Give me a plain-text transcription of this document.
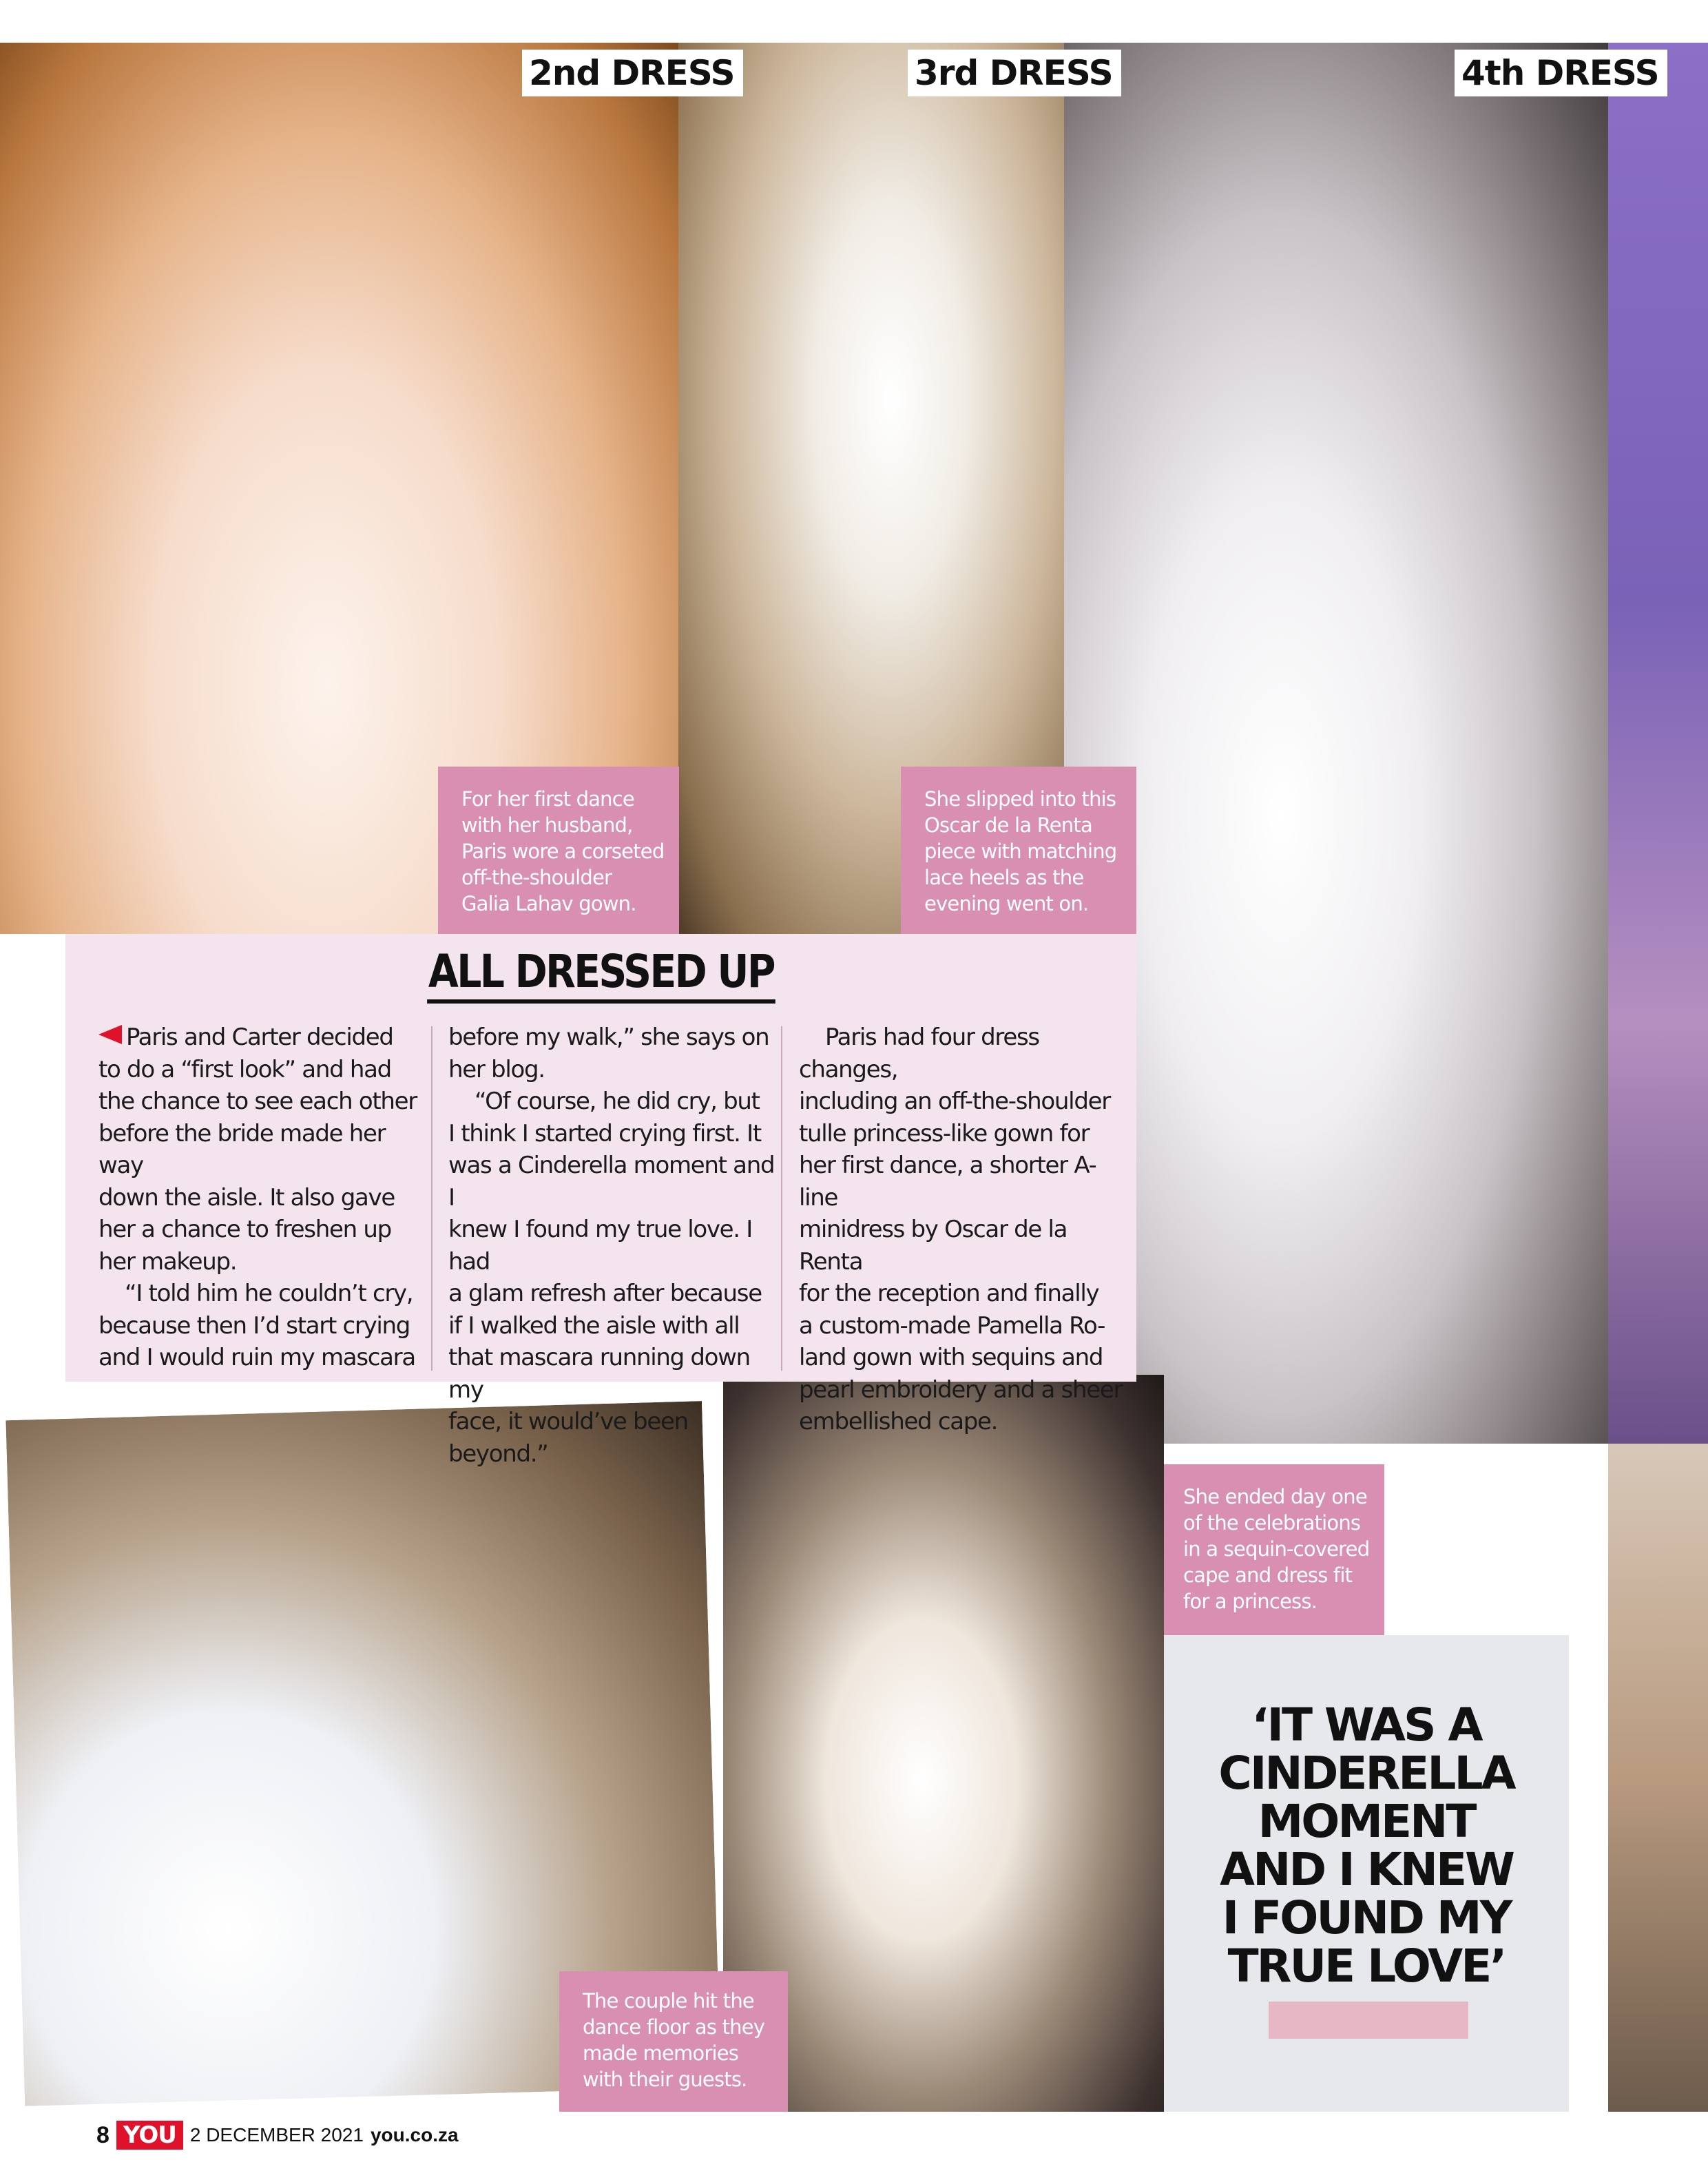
2nd DRESS	3rd DRESS	4th DRESS
For her first dance
with her husband,
Paris wore a corseted
off-the-shoulder
Galia Lahav gown.
She slipped into this
Oscar de la Renta
piece with matching
lace heels as the
evening went on.
She ended day one
of the celebrations
in a sequin-covered
cape and dress fit
for a princess.
The couple hit the
dance floor as they
made memories
with their guests.
ALL DRESSED UP

Paris and Carter decided

to do a “first look” and had

the chance to see each other

before the bride made her way

down the aisle. It also gave

her a chance to freshen up

her makeup.

“I told him he couldn’t cry,

because then I’d start crying

and I would ruin my mascara

before my walk,” she says on

her blog.

“Of course, he did cry, but

I think I started crying first. It

was a Cinderella moment and I

knew I found my true love. I had

a glam refresh after because

if I walked the aisle with all

that mascara running down my

face, it would’ve been beyond.”

Paris had four dress changes,

including an off-the-shoulder

tulle princess-like gown for

her first dance, a shorter A-line

minidress by Oscar de la Renta

for the reception and finally

a custom-made Pamella Ro-

land gown with sequins and

pearl embroidery and a sheer

embellished cape.

‘IT WAS A
CINDERELLA
MOMENT
AND I KNEW
I FOUND MY
TRUE LOVE’
8 YOU 2 DECEMBER 2021 you.co.za
